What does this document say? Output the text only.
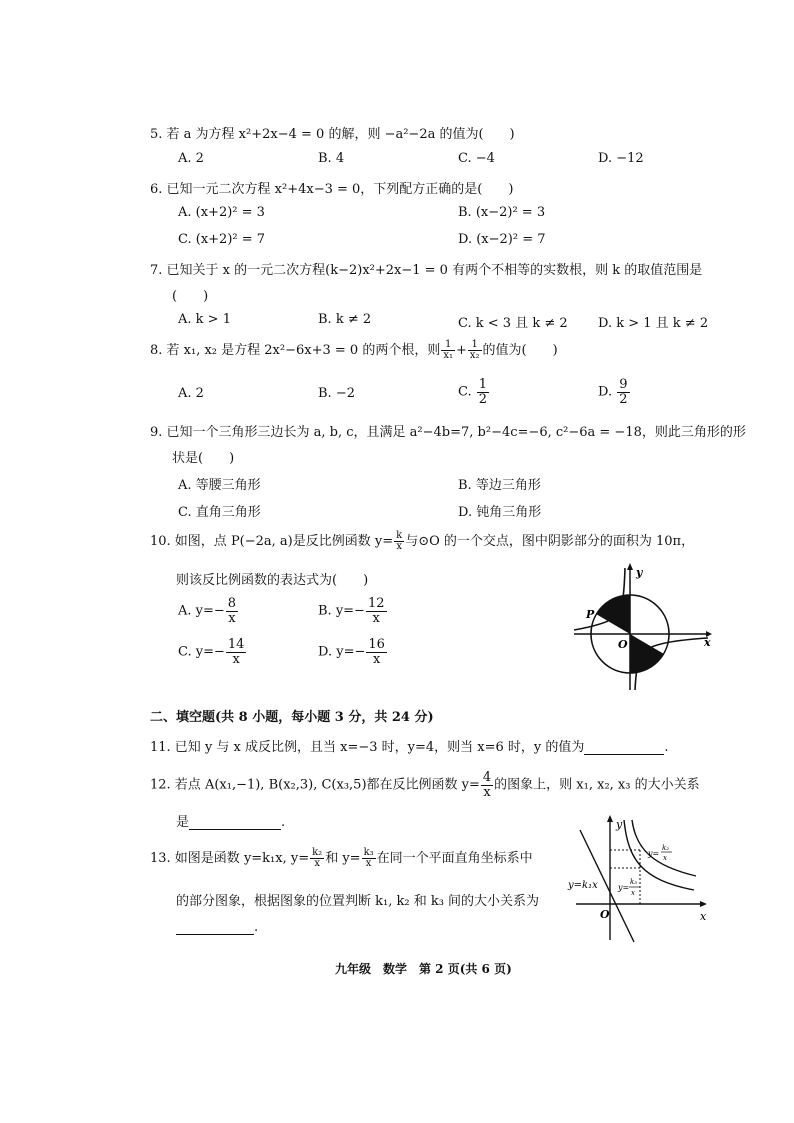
5. 若 a 为方程 x²+2x−4 = 0 的解，则 −a²−2a 的值为(　　)
A. 2	B. 4	C. −4	D. −12
6. 已知一元二次方程 x²+4x−3 = 0，下列配方正确的是(　　)
A. (x+2)² = 3	B. (x−2)² = 3
C. (x+2)² = 7	D. (x−2)² = 7
7. 已知关于 x 的一元二次方程(k−2)x²+2x−1 = 0 有两个不相等的实数根，则 k 的取值范围是
(　　)
A. k > 1	B. k ≠ 2	C. k < 3 且 k ≠ 2 D. k > 1 且 k ≠ 2
8. 若 x₁, x₂ 是方程 2x²−6x+3 = 0 的两个根，则 $\frac{1}{\text{x₁}} + \frac{1}{\text{x₂}}$ 的值为(　　)
A. 2	B. −2	C. $\frac{1}{2}$	D. $\frac{9}{2}$
9. 已知一个三角形三边长为 a, b, c，且满足 a²−4b=7, b²−4c=−6, c²−6a = −18，则此三角形的形
状是(　　)
A. 等腰三角形	B. 等边三角形
C. 直角三角形	D. 钝角三角形
10. 如图，点 P(−2a, a)是反比例函数 $y= \frac{k}{x}$ 与⊙O 的一个交点，图中阴影部分的面积为 10π，
则该反比例函数的表达式为(　　)
A. $y=- \frac{8}{x}$	B. $y=- \frac{12}{x}$
C. $y=- \frac{14}{x}$	D. $y=- \frac{16}{x}$
y
x
O
P
二、填空题(共 8 小题，每小题 3 分，共 24 分)
11. 已知 y 与 x 成反比例，且当 x=−3 时，y=4，则当 x=6 时，y 的值为	.
12. 若点 A(x₁,−1), B(x₂,3), C(x₃,5)都在反比例函数 $y= \frac{4}{x}$ 的图象上，则 x₁, x₂, x₃ 的大小关系
是	.
13. 如图是函数 y=k₁x, $y= \frac{\text{k₂}}{x}$ 和 $y= \frac{\text{k₃}}{x}$ 在同一个平面直角坐标系中
的部分图象，根据图象的位置判断 k₁, k₂ 和 k₃ 间的大小关系为
.
y
x
O
y=k₁x
y=
k₂
x
y=
k₃
x
九年级　数学　第 2 页(共 6 页)
